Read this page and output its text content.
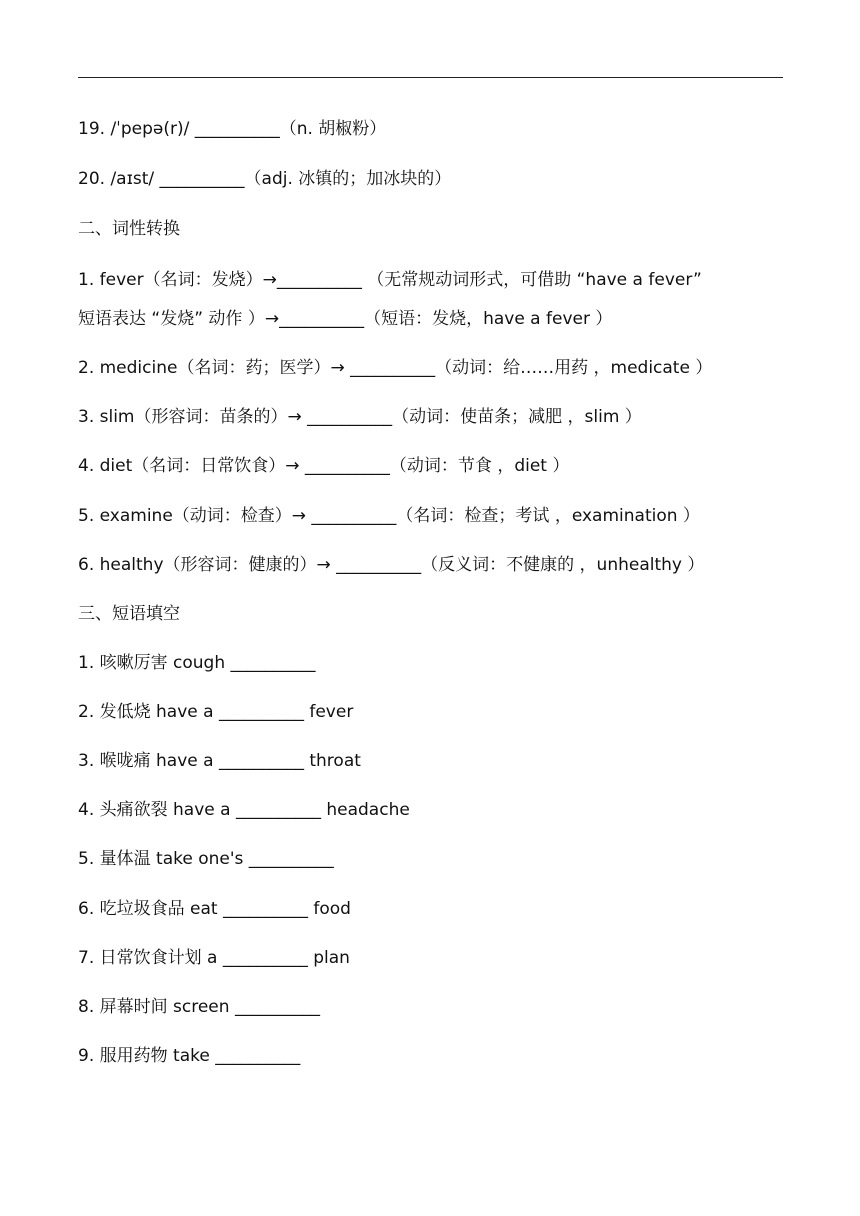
19. /ˈpepə(r)/ __________（n. 胡椒粉）
20. /aɪst/ __________（adj. 冰镇的；加冰块的）
二、词性转换
1. fever（名词：发烧）→__________ （无常规动词形式，可借助 “have a fever”
短语表达 “发烧” 动作 ）→__________（短语：发烧，have a fever ）
2. medicine（名词：药；医学）→ __________（动词：给……用药 ，medicate ）
3. slim（形容词：苗条的）→ __________（动词：使苗条；减肥 ，slim ）
4. diet（名词：日常饮食）→ __________（动词：节食 ，diet ）
5. examine（动词：检查）→ __________（名词：检查；考试 ，examination ）
6. healthy（形容词：健康的）→ __________（反义词：不健康的 ，unhealthy ）
三、短语填空
1. 咳嗽厉害 cough __________
2. 发低烧 have a __________ fever
3. 喉咙痛 have a __________ throat
4. 头痛欲裂 have a __________ headache
5. 量体温 take one's __________
6. 吃垃圾食品 eat __________ food
7. 日常饮食计划 a __________ plan
8. 屏幕时间 screen __________
9. 服用药物 take __________
